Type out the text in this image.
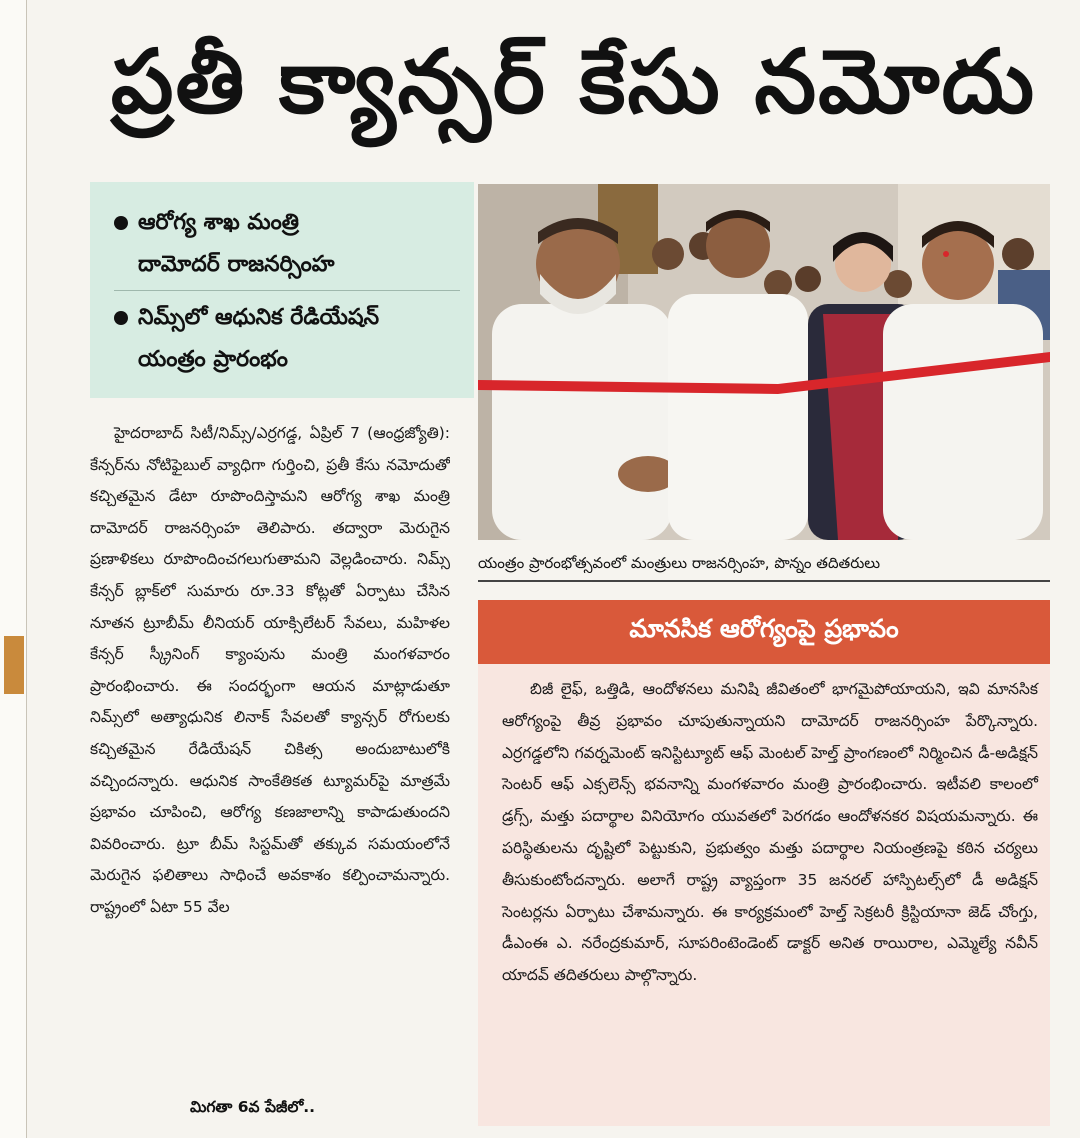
ప్రతీ క్యాన్సర్ కేసు నమోదు
ఆరోగ్య శాఖ మంత్రి
దామోదర్ రాజనర్సింహ
నిమ్స్‌లో ఆధునిక రేడియేషన్
యంత్రం ప్రారంభం
యంత్రం ప్రారంభోత్సవంలో మంత్రులు రాజనర్సింహ, పొన్నం తదితరులు
హైదరాబాద్ సిటీ/నిమ్స్/ఎర్రగడ్డ, ఏప్రిల్ 7 (ఆంధ్రజ్యోతి): కేన్సర్‌ను నోటిఫైబుల్ వ్యాధిగా గుర్తించి, ప్రతీ కేసు నమోదుతో కచ్చితమైన డేటా రూపొందిస్తామని ఆరోగ్య శాఖ మంత్రి దామోదర్ రాజనర్సింహ తెలిపారు. తద్వారా మెరుగైన ప్రణాళికలు రూపొందించగలుగుతామని వెల్లడించారు. నిమ్స్ కేన్సర్ బ్లాక్‌లో సుమారు రూ.33 కోట్లతో ఏర్పాటు చేసిన నూతన ట్రూబీమ్ లీనియర్ యాక్సిలేటర్ సేవలు, మహిళల కేన్సర్ స్క్రీనింగ్ క్యాంపును మంత్రి మంగళవారం ప్రారంభించారు. ఈ సందర్భంగా ఆయన మాట్లాడుతూ నిమ్స్‌లో అత్యాధునిక లినాక్ సేవలతో క్యాన్సర్ రోగులకు కచ్చితమైన రేడియేషన్ చికిత్స అందుబాటులోకి వచ్చిందన్నారు. ఆధునిక సాంకేతికత ట్యూమర్‌పై మాత్రమే ప్రభావం చూపించి, ఆరోగ్య కణజాలాన్ని కాపాడుతుందని వివరించారు. ట్రూ బీమ్ సిస్టమ్‌తో తక్కువ సమయంలోనే మెరుగైన ఫలితాలు సాధించే అవకాశం కల్పించామన్నారు. రాష్ట్రంలో ఏటా 55 వేల
మిగతా 6వ పేజీలో..
మానసిక ఆరోగ్యంపై ప్రభావం
బిజీ లైఫ్, ఒత్తిడి, ఆందోళనలు మనిషి జీవితంలో భాగమైపోయాయని, ఇవి మానసిక ఆరోగ్యంపై తీవ్ర ప్రభావం చూపుతున్నాయని దామోదర్ రాజనర్సింహ పేర్కొన్నారు. ఎర్రగడ్డలోని గవర్నమెంట్ ఇనిస్టిట్యూట్ ఆఫ్ మెంటల్ హెల్త్ ప్రాంగణంలో నిర్మించిన డీ-అడిక్షన్ సెంటర్ ఆఫ్ ఎక్సలెన్స్ భవనాన్ని మంగళవారం మంత్రి ప్రారంభించారు. ఇటీవలి కాలంలో డ్రగ్స్, మత్తు పదార్థాల వినియోగం యువతలో పెరగడం ఆందోళనకర విషయమన్నారు. ఈ పరిస్థితులను దృష్టిలో పెట్టుకుని, ప్రభుత్వం మత్తు పదార్థాల నియంత్రణపై కఠిన చర్యలు తీసుకుంటోందన్నారు. అలాగే రాష్ట్ర వ్యాప్తంగా 35 జనరల్ హాస్పిటల్స్‌లో డీ అడిక్షన్ సెంటర్లను ఏర్పాటు చేశామన్నారు. ఈ కార్యక్రమంలో హెల్త్ సెక్రటరీ క్రిస్టియానా జెడ్ చోంగ్తు, డీఎంఈ ఎ. నరేంద్రకుమార్, సూపరింటెండెంట్ డాక్టర్ అనిత రాయిరాల, ఎమ్మెల్యే నవీన్ యాదవ్ తదితరులు పాల్గొన్నారు.
